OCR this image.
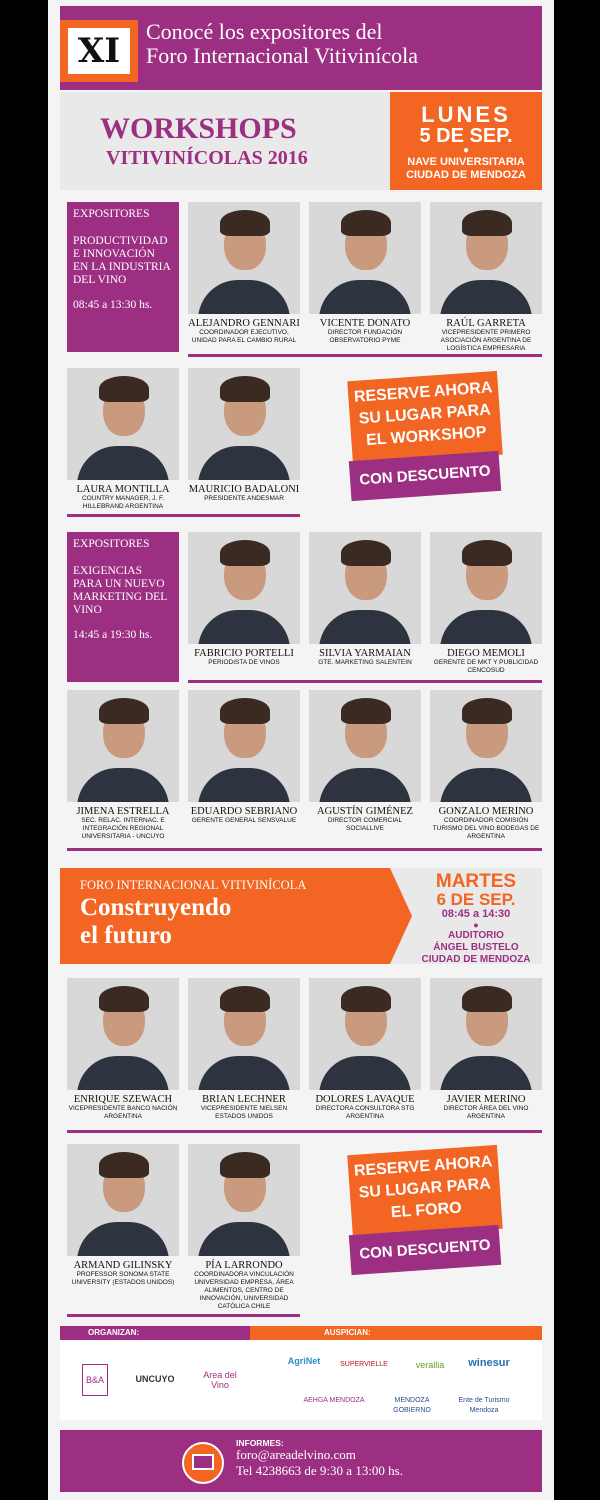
XI	Conocé los expositores del
Foro Internacional Vitivinícola
WORKSHOPS
VITIVINÍCOLAS 2016
LUNES
5 DE SEP.
●
NAVE UNIVERSITARIA
CIUDAD DE MENDOZA
EXPOSITORES
PRODUCTIVIDAD E INNOVACIÓN EN LA INDUSTRIA DEL VINO
08:45 a 13:30 hs.
ALEJANDRO GENNARI
COORDINADOR EJECUTIVO, UNIDAD PARA EL CAMBIO RURAL
VICENTE DONATO
DIRECTOR FUNDACIÓN OBSERVATORIO PYME
RAÚL GARRETA
VICEPRESIDENTE PRIMERO ASOCIACIÓN ARGENTINA DE LOGÍSTICA EMPRESARIA
LAURA MONTILLA
COUNTRY MANAGER, J. F. HILLEBRAND ARGENTINA
MAURICIO BADALONI
PRESIDENTE ANDESMAR
RESERVE AHORA
SU LUGAR PARA
EL WORKSHOP
CON DESCUENTO
EXPOSITORES
EXIGENCIAS PARA UN NUEVO MARKETING DEL VINO
14:45 a 19:30 hs.
FABRICIO PORTELLI
PERIODISTA DE VINOS
SILVIA YARMAIAN
GTE. MARKETING SALENTEIN
DIEGO MEMOLI
GERENTE DE MKT Y PUBLICIDAD CENCOSUD
JIMENA ESTRELLA
SEC. RELAC. INTERNAC. E INTEGRACIÓN REGIONAL UNIVERSITARIA - UNCUYO
EDUARDO SEBRIANO
GERENTE GENERAL SENSVALUE
AGUSTÍN GIMÉNEZ
DIRECTOR COMERCIAL SOCIALLIVE
GONZALO MERINO
COORDINADOR COMISIÓN TURISMO DEL VINO BODEGAS DE ARGENTINA
FORO INTERNACIONAL VITIVINÍCOLA
Construyendo
el futuro
MARTES
6 DE SEP.
08:45 a 14:30
●
AUDITORIO
ÁNGEL BUSTELO
CIUDAD DE MENDOZA
ENRIQUE SZEWACH
VICEPRESIDENTE BANCO NACIÓN ARGENTINA
BRIAN LECHNER
VICEPRESIDENTE NIELSEN ESTADOS UNIDOS
DOLORES LAVAQUE
DIRECTORA CONSULTORA STG ARGENTINA
JAVIER MERINO
DIRECTOR ÁREA DEL VINO ARGENTINA
ARMAND GILINSKY
PROFESSOR SONOMA STATE UNIVERSITY (ESTADOS UNIDOS)
PÍA LARRONDO
COORDINADORA VINCULACIÓN UNIVERSIDAD EMPRESA, ÁREA ALIMENTOS, CENTRO DE INNOVACIÓN, UNIVERSIDAD CATÓLICA CHILE
RESERVE AHORA
SU LUGAR PARA
EL FORO
CON DESCUENTO
ORGANIZAN:	AUSPICIAN:
B&A	UNCUYO	Area del Vino
AgriNet	SUPERVIELLE	verallia	winesur
AEHGA MENDOZA	MENDOZA GOBIERNO
Ente de Turismo Mendoza
INFORMES:
foro@areadelvino.com
Tel 4238663 de 9:30 a 13:00 hs.
